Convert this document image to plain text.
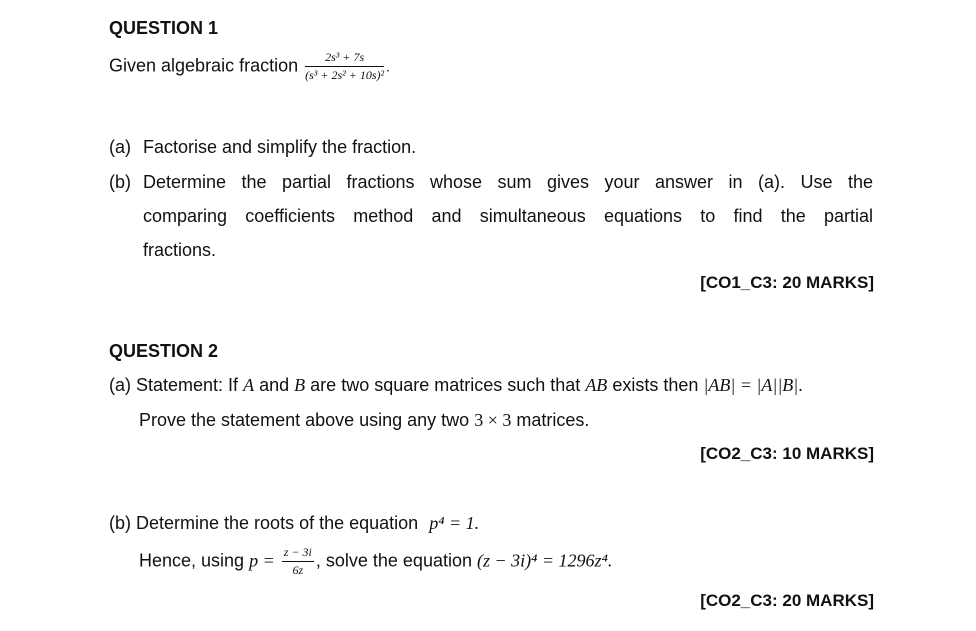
QUESTION 1
Given algebraic fraction $\frac{\text{2s³ + 7s}}{\text{(s³ + 2s² + 10s)²}}$ .
(a) Factorise and simplify the fraction.
(b) Determine the partial fractions whose sum gives your answer in (a). Use the
comparing coefficients method and simultaneous equations to find the partial
fractions.
[CO1_C3: 20 MARKS]
QUESTION 2
(a) Statement: If A and B are two square matrices such that AB exists then |AB| = |A||B|.
Prove the statement above using any two 3 × 3 matrices.
[CO2_C3: 10 MARKS]
(b) Determine the roots of the equation p⁴ = 1.
Hence, using $p = \frac{z - 3i}{6z}$ , solve the equation (z − 3i)⁴ = 1296z⁴.
[CO2_C3: 20 MARKS]
